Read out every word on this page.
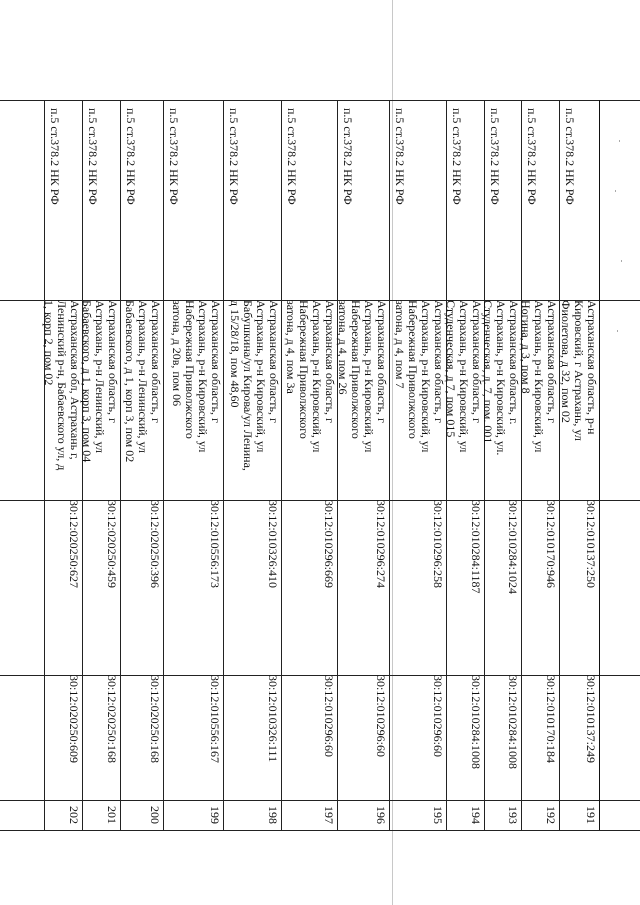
191
30:12:010137:249
30:12:010137:250
Астраханская область, р-н
Кировский, г Астрахань, ул
Фиолетова, д 32, пом 02
п.5 ст.378.2 НК РФ
192
30:12:010170:184
30:12:010170:946
Астраханская область, г
Астрахань, р-н Кировский, ул
Ногина, д 3, пом 8
п.5 ст.378.2 НК РФ
193
30:12:010284:1008
30:12:010284:1024
Астраханская область, г.
Астрахань, р-н Кировский, ул.
Студенческая, д. 7, пом. 001
п.5 ст.378.2 НК РФ
194
30:12:010284:1008
30:12:010284:1187
Астраханская область, г
Астрахань, р-н Кировский, ул
Студенческая, д 7, пом 015
п.5 ст.378.2 НК РФ
195
30:12:010296:60
30:12:010296:258
Астраханская область, г
Астрахань, р-н Кировский, ул
Набережная Приволжского
затона, д 4, пом 7
п.5 ст.378.2 НК РФ
196
30:12:010296:60
30:12:010296:274
Астраханская область, г
Астрахань, р-н Кировский, ул
Набережная Приволжского
затона, д 4, пом 26
п.5 ст.378.2 НК РФ
197
30:12:010296:60
30:12:010296:669
Астраханская область, г
Астрахань, р-н Кировский, ул
Набережная Приволжского
затона, д 4, пом 3а
п.5 ст.378.2 НК РФ
198
30:12:010326:111
30:12:010326:410
Астраханская область, г
Астрахань, р-н Кировский, ул
Бабушкина/ул Кирова/ул Ленина,
д 15/28/18, пом 48,60
п.5 ст.378.2 НК РФ
199
30:12:010556:167
30:12:010556:173
Астраханская область, г
Астрахань, р-н Кировский, ул
Набережная Приволжского
затона, д 20в, пом 06
п.5 ст.378.2 НК РФ
200
30:12:020250:168
30:12:020250:396
Астраханская область, г
Астрахань, р-н Ленинский, ул
Бабаевского, д 1, корп 3, пом 02
п.5 ст.378.2 НК РФ
201
30:12:020250:168
30:12:020250:459
Астраханская область, г
Астрахань, р-н Ленинский, ул
Бабаевского, д 1, корп 3, пом 04
п.5 ст.378.2 НК РФ
202
30:12:020250:609
30:12:020250:627
Астраханская обл, Астрахань г,
Ленинский р-н, Бабаевского ул, д
1, корп 2, пом 02
п.5 ст.378.2 НК РФ
